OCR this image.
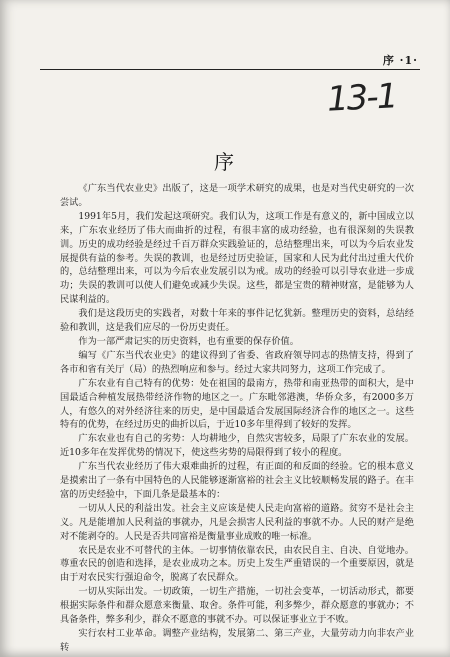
序 ·1·
13-1
序

《广东当代农业史》出版了，这是一项学术研究的成果，也是对当代史研究的一次尝试。

1991年5月，我们发起这项研究。我们认为，这项工作是有意义的，新中国成立以来，广东农业经历了伟大而曲折的过程，有很丰富的成功经验，也有很深刻的失误教训。历史的成功经验是经过千百万群众实践验证的，总结整理出来，可以为今后农业发展提供有益的参考。失误的教训，也是经过历史验证，国家和人民为此付出过重大代价的，总结整理出来，可以为今后农业发展引以为戒。成功的经验可以引导农业进一步成功；失误的教训可以使人们避免或减少失误。这些，都是宝贵的精神财富，是能够为人民谋利益的。

我们是这段历史的实践者，对数十年来的事件记忆犹新。整理历史的资料，总结经验和教训，这是我们应尽的一份历史责任。

作为一部严肃记实的历史资料，也有重要的保存价值。

编写《广东当代农业史》的建议得到了省委、省政府领导同志的热情支持，得到了各市和省有关厅（局）的热烈响应和参与。经过大家共同努力，这项工作完成了。

广东农业有自己特有的优势：处在祖国的最南方，热带和南亚热带的面积大，是中国最适合种植发展热带经济作物的地区之一。广东毗邻港澳，华侨众多，有2000多万人，有悠久的对外经济往来的历史，是中国最适合发展国际经济合作的地区之一。这些特有的优势，在经过历史的曲折以后，于近10多年里得到了较好的发挥。

广东农业也有自己的劣势：人均耕地少，自然灾害较多，局限了广东农业的发展。近10多年在发挥优势的情况下，使这些劣势的局限得到了较小的程度。

广东当代农业经历了伟大艰难曲折的过程，有正面的和反面的经验。它的根本意义是摸索出了一条有中国特色的人民能够逐渐富裕的社会主义比较顺畅发展的路子。在丰富的历史经验中，下面几条是最基本的：

一切从人民的利益出发。社会主义应该是使人民走向富裕的道路。贫穷不是社会主义。凡是能增加人民利益的事就办，凡是会损害人民利益的事就不办。人民的财产是绝对不能剥夺的。人民是否共同富裕是衡量事业成败的唯一标准。

农民是农业不可替代的主体。一切事情依靠农民，由农民自主、自决、自觉地办。尊重农民的创造和选择，是农业成功之本。历史上发生严重错误的一个重要原因，就是由于对农民实行强迫命令，脱离了农民群众。

一切从实际出发。一切政策，一切生产措施，一切社会变革，一切活动形式，都要根据实际条件和群众愿意来衡量、取舍。条件可能，利多弊少，群众愿意的事就办；不具备条件，弊多利少，群众不愿意的事就不办。可以保证事业立于不败。

实行农村工业革命。调整产业结构，发展第二、第三产业，大量劳动力向非农产业转
